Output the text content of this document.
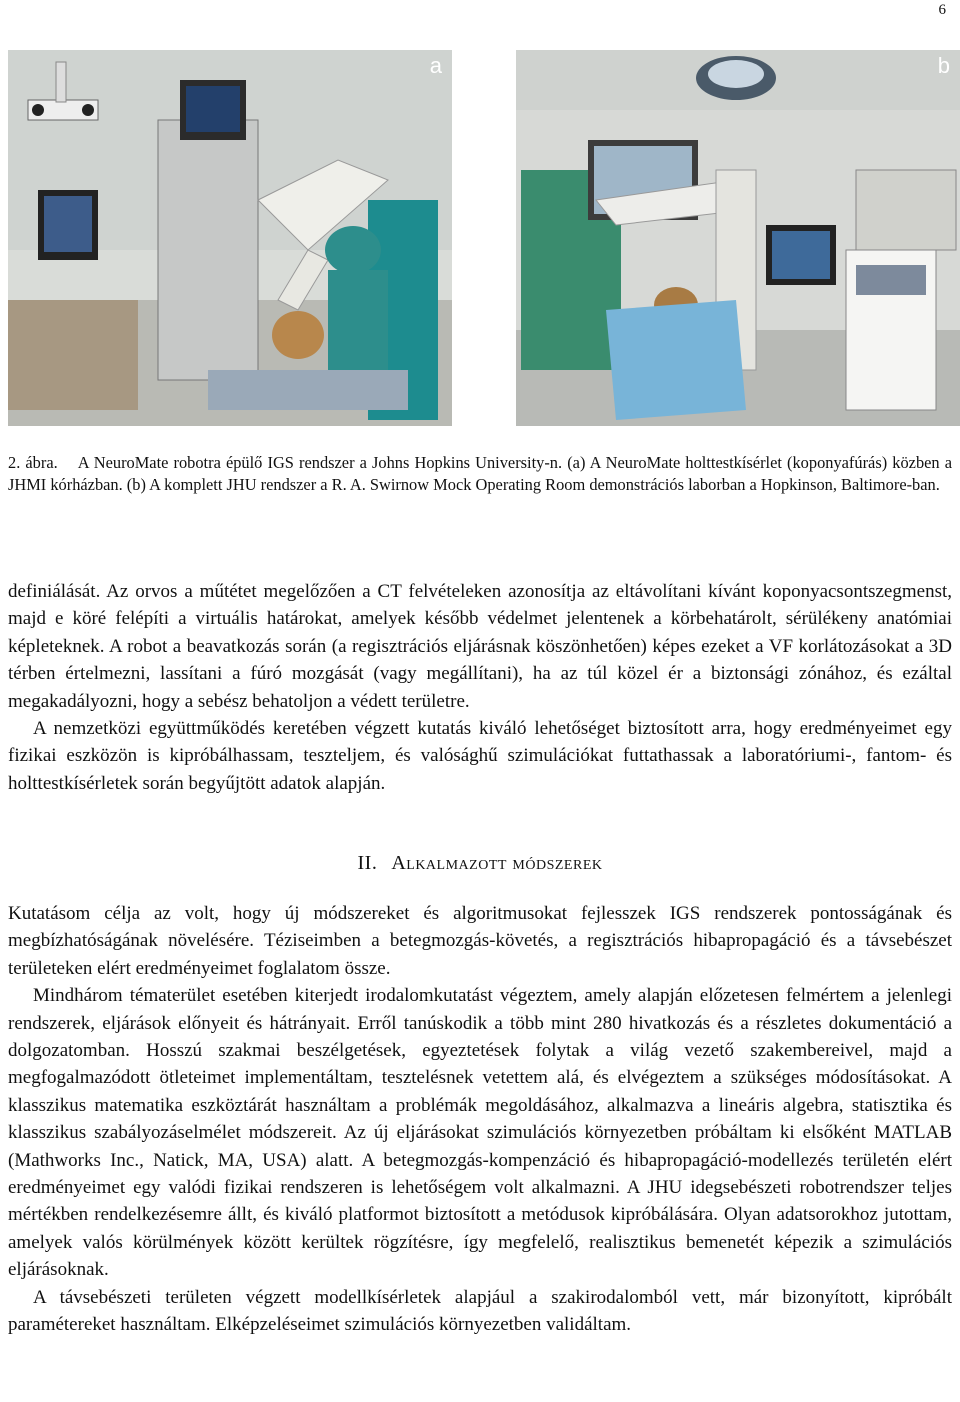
6
a	b
2. ábra. A NeuroMate robotra épülő IGS rendszer a Johns Hopkins University-n. (a) A NeuroMate holttestkísérlet (koponyafúrás) közben a JHMI kórházban. (b) A komplett JHU rendszer a R. A. Swirnow Mock Operating Room demonstrációs laborban a Hopkinson, Baltimore-ban.

definiálását. Az orvos a műtétet megelőzően a CT felvételeken azonosítja az eltávolítani kívánt koponyacsontszegmenst, majd e köré felépíti a virtuális határokat, amelyek később védelmet jelentenek a körbehatárolt, sérülékeny anatómiai képleteknek. A robot a beavatkozás során (a regisztrációs eljárásnak köszönhetően) képes ezeket a VF korlátozásokat a 3D térben értelmezni, lassítani a fúró mozgását (vagy megállítani), ha az túl közel ér a biztonsági zónához, és ezáltal megakadályozni, hogy a sebész behatoljon a védett területre.

A nemzetközi együttműködés keretében végzett kutatás kiváló lehetőséget biztosított arra, hogy eredményeimet egy fizikai eszközön is kipróbálhassam, teszteljem, és valósághű szimulációkat futtathassak a laboratóriumi-, fantom- és holttestkísérletek során begyűjtött adatok alapján.

II. Alkalmazott módszerek

Kutatásom célja az volt, hogy új módszereket és algoritmusokat fejlesszek IGS rendszerek pontosságának és megbízhatóságának növelésére. Téziseimben a betegmozgás-követés, a regisztrációs hibapropagáció és a távsebészet területeken elért eredményeimet foglalatom össze.

Mindhárom tématerület esetében kiterjedt irodalomkutatást végeztem, amely alapján előzetesen felmértem a jelenlegi rendszerek, eljárások előnyeit és hátrányait. Erről tanúskodik a több mint 280 hivatkozás és a részletes dokumentáció a dolgozatomban. Hosszú szakmai beszélgetések, egyeztetések folytak a világ vezető szakembereivel, majd a megfogalmazódott ötleteimet implementáltam, tesztelésnek vetettem alá, és elvégeztem a szükséges módosításokat. A klasszikus matematika eszköztárát használtam a problémák megoldásához, alkalmazva a lineáris algebra, statisztika és klasszikus szabályozáselmélet módszereit. Az új eljárásokat szimulációs környezetben próbáltam ki elsőként MATLAB (Mathworks Inc., Natick, MA, USA) alatt. A betegmozgás-kompenzáció és hibapropagáció-modellezés területén elért eredményeimet egy valódi fizikai rendszeren is lehetőségem volt alkalmazni. A JHU idegsebészeti robotrendszer teljes mértékben rendelkezésemre állt, és kiváló platformot biztosított a metódusok kipróbálására. Olyan adatsorokhoz jutottam, amelyek valós körülmények között kerültek rögzítésre, így megfelelő, realisztikus bemenetét képezik a szimulációs eljárásoknak.

A távsebészeti területen végzett modellkísérletek alapjául a szakirodalomból vett, már bizonyított, kipróbált paramétereket használtam. Elképzeléseimet szimulációs környezetben validáltam.
